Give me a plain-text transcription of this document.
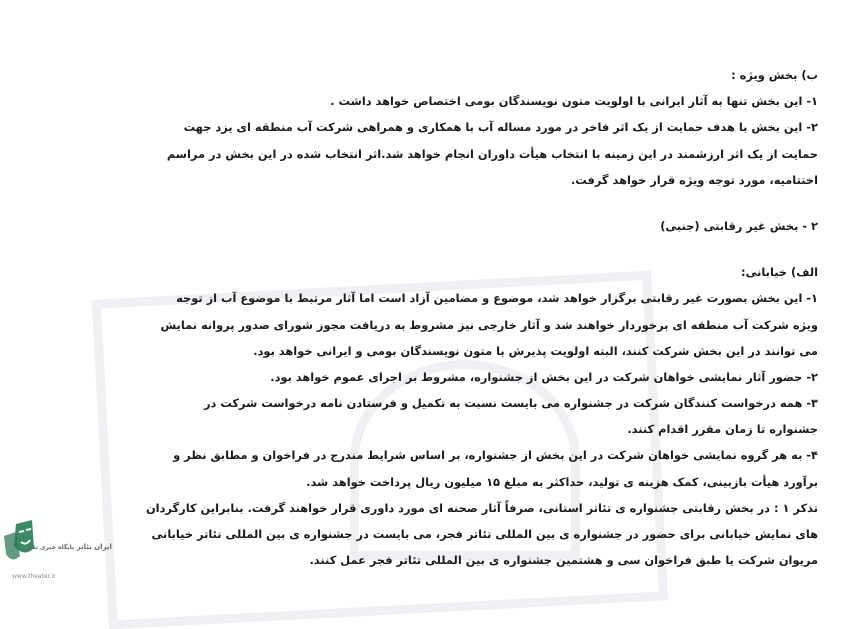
ب) بخش ویژه :
۱- این بخش تنها به آثار ایرانی با اولویت متون نویسندگان بومی اختصاص خواهد داشت .
۲- این بخش با هدف حمایت از یک اثر فاخر در مورد مساله آب با همکاری و همراهی شرکت آب منطقه ای یزد جهت
حمایت از یک اثر ارزشمند در این زمینه با انتخاب هیأت داوران انجام خواهد شد.اثر انتخاب شده در این بخش در مراسم
اختتامیه، مورد توجه ویژه قرار خواهد گرفت.
۲ - بخش غیر رقابتی (جنبی)
الف) خیابانی:
۱- این بخش بصورت غیر رقابتی برگزار خواهد شد، موضوع و مضامین آزاد است اما آثار مرتبط با موضوع آب از توجه
ویژه شرکت آب منطقه ای برخوردار خواهند شد و آثار خارجی نیز مشروط به دریافت مجوز شورای صدور پروانه نمایش
می توانند در این بخش شرکت کنند، البته اولویت پذیرش با متون نویسندگان بومی و ایرانی خواهد بود.
۲- حضور آثار نمایشی خواهان شرکت در این بخش از جشنواره، مشروط بر اجرای عموم خواهد بود.
۳- همه درخواست کنندگان شرکت در جشنواره می بایست نسبت به تکمیل و فرستادن نامه درخواست شرکت در
جشنواره تا زمان مقرر اقدام کنند.
۴- به هر گروه نمایشی خواهان شرکت در این بخش از جشنواره، بر اساس شرایط مندرج در فراخوان و مطابق نظر و
برآورد هیأت بازبینی، کمک هزینه ی تولید، حداکثر به مبلغ ۱۵ میلیون ریال پرداخت خواهد شد.
تذکر ۱ : در بخش رقابتی جشنواره ی تئاتر استانی، صرفاً آثار صحنه ای مورد داوری قرار خواهند گرفت. بنابراین کارگردان
های نمایش خیابانی برای حضور در جشنواره ی بین المللی تئاتر فجر، می بایست در جشنواره ی بین المللی تئاتر خیابانی
مریوان شرکت یا طبق فراخوان سی و هشتمین جشنواره ی بین المللی تئاتر فجر عمل کنند.
ایران تئاتر پایگاه خبری تئاتر
www.theater.ir
